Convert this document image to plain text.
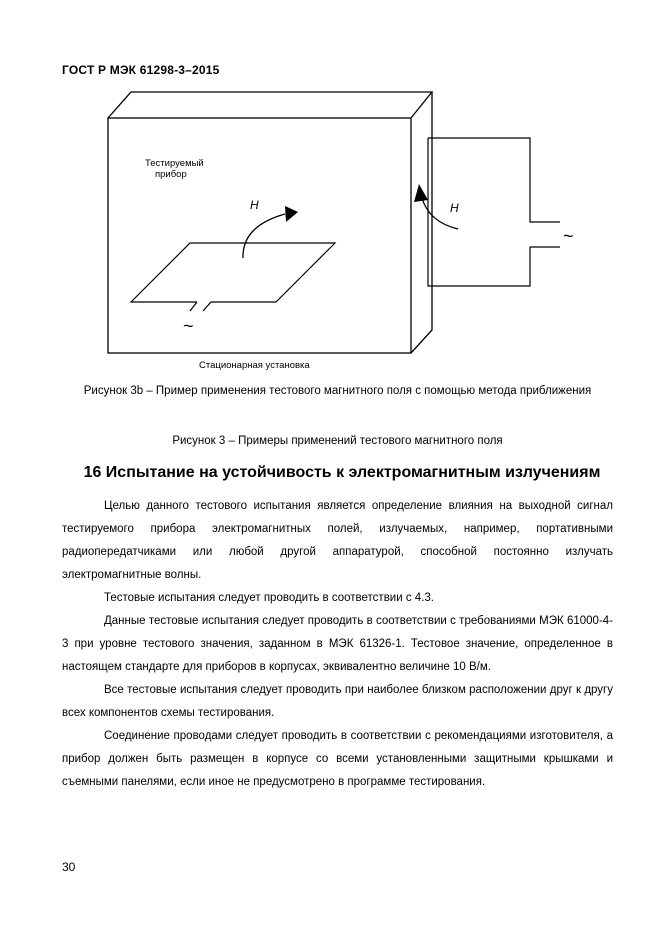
ГОСТ Р МЭК 61298-3–2015
~
H
Тестируемый
прибор
~
H
Стационарная установка
Рисунок 3b – Пример применения тестового магнитного поля с помощью метода приближения
Рисунок 3 – Примеры применений тестового магнитного поля
16 Испытание на устойчивость к электромагнитным излучениям

Целью данного тестового испытания является определение влияния на выходной сигнал тестируемого прибора электромагнитных полей, излучаемых, например, портативными радиопередатчиками или любой другой аппаратурой, способной постоянно излучать электромагнитные волны.

Тестовые испытания следует проводить в соответствии с 4.3.

Данные тестовые испытания следует проводить в соответствии с требованиями МЭК 61000-4-3 при уровне тестового значения, заданном в МЭК 61326-1. Тестовое значение, определенное в настоящем стандарте для приборов в корпусах, эквивалентно величине 10 В/м.

Все тестовые испытания следует проводить при наиболее близком расположении друг к другу всех компонентов схемы тестирования.

Соединение проводами следует проводить в соответствии с рекомендациями изготовителя, а прибор должен быть размещен в корпусе со всеми установленными защитными крышками и съемными панелями, если иное не предусмотрено в программе тестирования.

30
